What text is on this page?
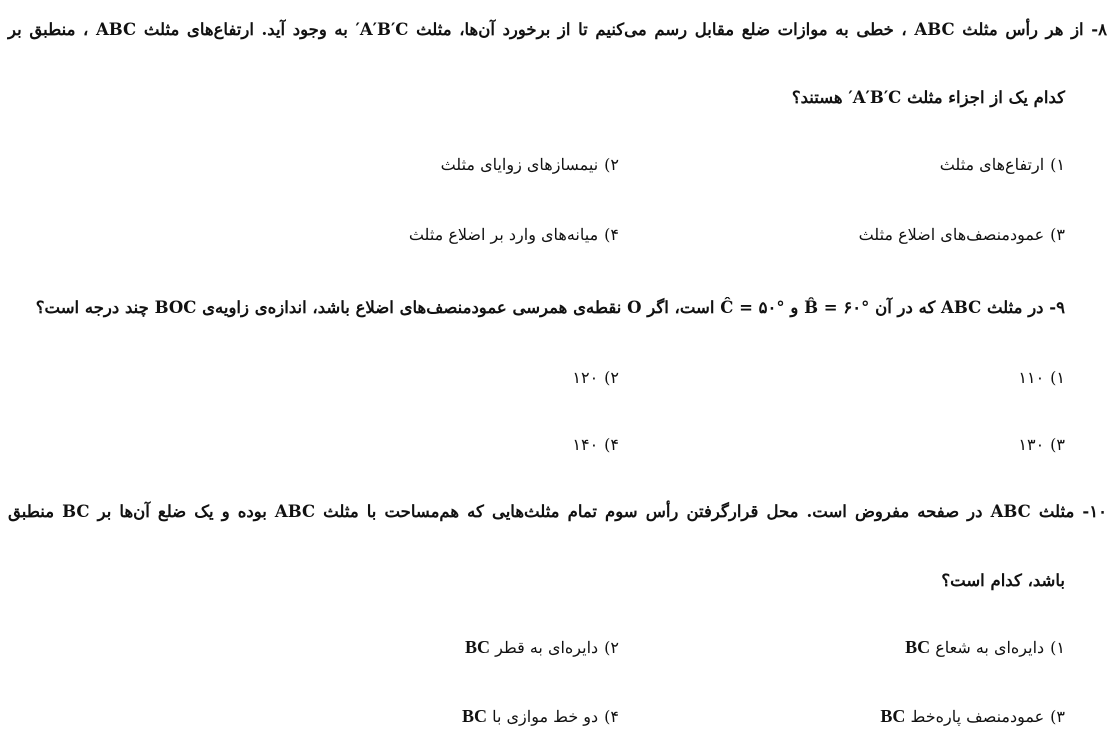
۸- از هر رأس مثلث ABC ، خطی به موازات ضلع مقابل رسم می‌کنیم تا از برخورد آن‌ها، مثلث A′B′C′ به وجود آید. ارتفاع‌های مثلث ABC ، منطبق بر
کدام یک از اجزاء مثلث A′B′C′ هستند؟
۱)ارتفاع‌های مثلث
۲)نیمسازهای زوایای مثلث
۳)عمودمنصف‌های اضلاع مثلث
۴)میانه‌های وارد بر اضلاع مثلث
۹- در مثلث ABC که در آن B̂ = ۶۰° و Ĉ = ۵۰° است، اگر O نقطه‌ی همرسی عمودمنصف‌های اضلاع باشد، اندازه‌ی زاویه‌ی BOC چند درجه است؟
۱)۱۱۰
۲)۱۲۰
۳)۱۳۰
۴)۱۴۰
۱۰- مثلث ABC در صفحه مفروض است. محل قرارگرفتن رأس سوم تمام مثلث‌هایی که هم‌مساحت با مثلث ABC بوده و یک ضلع آن‌ها بر BC منطبق
باشد، کدام است؟
۱)دایره‌ای به شعاع BC
۲)دایره‌ای به قطر BC
۳)عمودمنصف پاره‌خط BC
۴)دو خط موازی با BC
